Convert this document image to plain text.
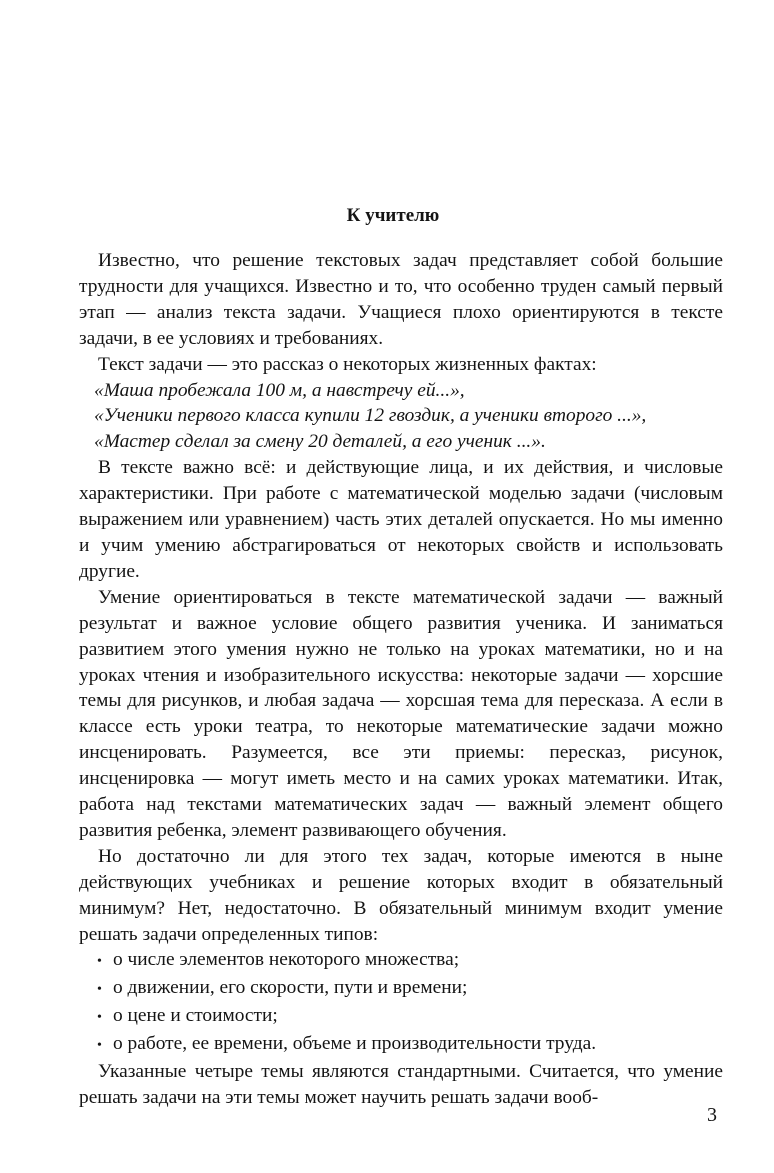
К учителю

Известно, что решение текстовых задач представляет собой большие трудности для учащихся. Известно и то, что особенно труден самый первый этап — анализ текста задачи. Учащиеся плохо ориентируются в тексте задачи, в ее условиях и требованиях.

Текст задачи — это рассказ о некоторых жизненных фактах:

«Маша пробежала 100 м, а навстречу ей...»,

«Ученики первого класса купили 12 гвоздик, а ученики второго ...»,

«Мастер сделал за смену 20 деталей, а его ученик ...».

В тексте важно всё: и действующие лица, и их действия, и числовые характеристики. При работе с математической моделью задачи (числовым выражением или уравнением) часть этих деталей опускается. Но мы именно и учим умению абстрагироваться от некоторых свойств и использовать другие.

Умение ориентироваться в тексте математической задачи — важный результат и важное условие общего развития ученика. И заниматься развитием этого умения нужно не только на уроках математики, но и на уроках чтения и изобразительного искусства: некоторые задачи — хорсшие темы для рисунков, и любая задача — хорсшая тема для пересказа. А если в классе есть уроки театра, то некоторые математические задачи можно инсценировать. Разумеется, все эти приемы: пересказ, рисунок, инсценировка — могут иметь место и на самих уроках математики. Итак, работа над текстами математических задач — важный элемент общего развития ребенка, элемент развивающего обучения.

Но достаточно ли для этого тех задач, которые имеются в ныне действующих учебниках и решение которых входит в обязательный минимум? Нет, недостаточно. В обязательный минимум входит умение решать задачи определенных типов:

• о числе элементов некоторого множества;
• о движении, его скорости, пути и времени;
• о цене и стоимости;
• о работе, ее времени, объеме и производительности труда.

Указанные четыре темы являются стандартными. Считается, что умение решать задачи на эти темы может научить решать задачи вооб-

3
